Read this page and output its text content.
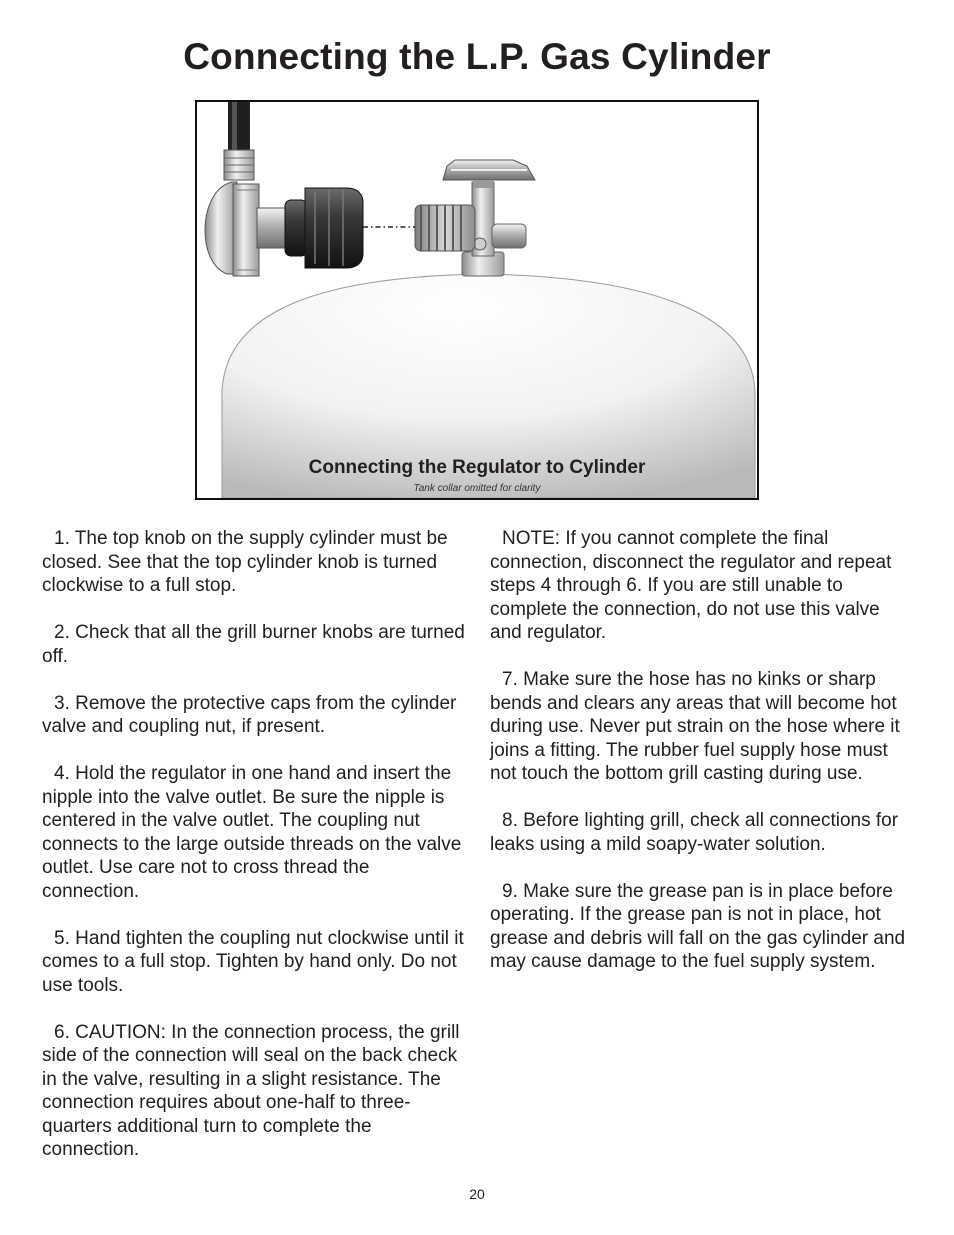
Connecting the L.P. Gas Cylinder
Connecting the Regulator to Cylinder
Tank collar omitted for clarity

1. The top knob on the supply cylinder must be closed. See that the top cylinder knob is turned clockwise to a full stop.

2. Check that all the grill burner knobs are turned off.

3. Remove the protective caps from the cylinder valve and coupling nut, if present.

4. Hold the regulator in one hand and insert the nipple into the valve outlet. Be sure the nipple is centered in the valve outlet. The coupling nut connects to the large outside threads on the valve outlet. Use care not to cross thread the connection.

5. Hand tighten the coupling nut clockwise until it comes to a full stop. Tighten by hand only. Do not use tools.

6. CAUTION: In the connection process, the grill side of the connection will seal on the back check in the valve, resulting in a slight resistance. The connection requires about one-half to three-quarters additional turn to complete the connection.

NOTE: If you cannot complete the final connection, disconnect the regulator and repeat steps 4 through 6. If you are still unable to complete the connection, do not use this valve and regulator.

7. Make sure the hose has no kinks or sharp bends and clears any areas that will become hot during use. Never put strain on the hose where it joins a fitting. The rubber fuel supply hose must not touch the bottom grill casting during use.

8. Before lighting grill, check all connections for leaks using a mild soapy-water solution.

9. Make sure the grease pan is in place before operating. If the grease pan is not in place, hot grease and debris will fall on the gas cylinder and may cause damage to the fuel supply system.

20
